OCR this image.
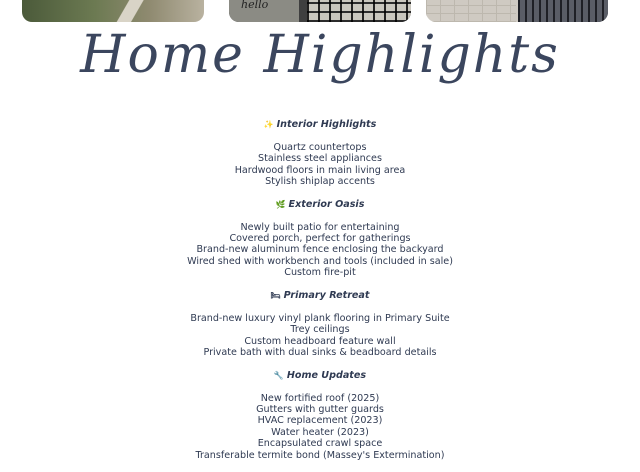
hello
Home Highlights
✨ Interior Highlights
Quartz countertops
Stainless steel appliances
Hardwood floors in main living area
Stylish shiplap accents
🌿 Exterior Oasis
Newly built patio for entertaining
Covered porch, perfect for gatherings
Brand-new aluminum fence enclosing the backyard
Wired shed with workbench and tools (included in sale)
Custom fire-pit
🛏 Primary Retreat
Brand-new luxury vinyl plank flooring in Primary Suite
Trey ceilings
Custom headboard feature wall
Private bath with dual sinks & beadboard details
🔧 Home Updates
New fortified roof (2025)
Gutters with gutter guards
HVAC replacement (2023)
Water heater (2023)
Encapsulated crawl space
Transferable termite bond (Massey's Extermination)
